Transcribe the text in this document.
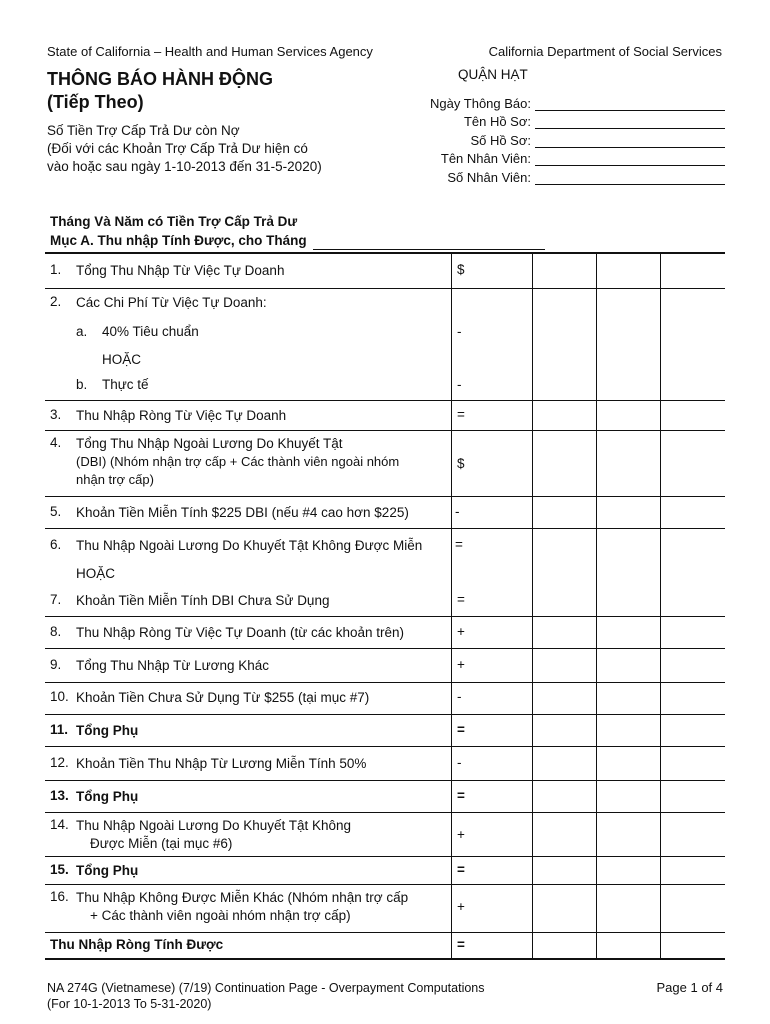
State of California – Health and Human Services Agency	California Department of Social Services
THÔNG BÁO HÀNH ĐỘNG
(Tiếp Theo)
Số Tiền Trợ Cấp Trả Dư còn Nợ
(Đối với các Khoản Trợ Cấp Trả Dư hiện có
vào hoặc sau ngày 1-10-2013 đến 31-5-2020)
QUẬN HẠT
Ngày Thông Báo:
Tên Hồ Sơ:
Số Hồ Sơ:
Tên Nhân Viên:
Số Nhân Viên:
Tháng Và Năm có Tiền Trợ Cấp Trả Dư
Mục A. Thu nhập Tính Được, cho Tháng
1. Tổng Thu Nhập Từ Việc Tự Doanh	$
2. Các Chi Phí Từ Việc Tự Doanh:
a. 40% Tiêu chuẩn	-
HOẶC
b. Thực tế	-
3. Thu Nhập Ròng Từ Việc Tự Doanh	=
4. Tổng Thu Nhập Ngoài Lương Do Khuyết Tật
(DBI) (Nhóm nhận trợ cấp + Các thành viên ngoài nhóm
nhận trợ cấp)
$
5. Khoản Tiền Miễn Tính $225 DBI (nếu #4 cao hơn $225)	-
6. Thu Nhập Ngoài Lương Do Khuyết Tật Không Được Miễn =
HOẶC
7. Khoản Tiền Miễn Tính DBI Chưa Sử Dụng	=
8. Thu Nhập Ròng Từ Việc Tự Doanh (từ các khoản trên)	+
9. Tổng Thu Nhập Từ Lương Khác	+
10. Khoản Tiền Chưa Sử Dụng Từ $255 (tại mục #7)	-
11. Tổng Phụ	=
12. Khoản Tiền Thu Nhập Từ Lương Miễn Tính 50%	-
13. Tổng Phụ	=
14. Thu Nhập Ngoài Lương Do Khuyết Tật Không
Được Miễn (tại mục #6)
+
15. Tổng Phụ	=
16. Thu Nhập Không Được Miễn Khác (Nhóm nhận trợ cấp
+ Các thành viên ngoài nhóm nhận trợ cấp)
+
Thu Nhập Ròng Tính Được	=
NA 274G (Vietnamese) (7/19) Continuation Page - Overpayment Computations
(For 10-1-2013 To 5-31-2020)
Page 1 of 4
